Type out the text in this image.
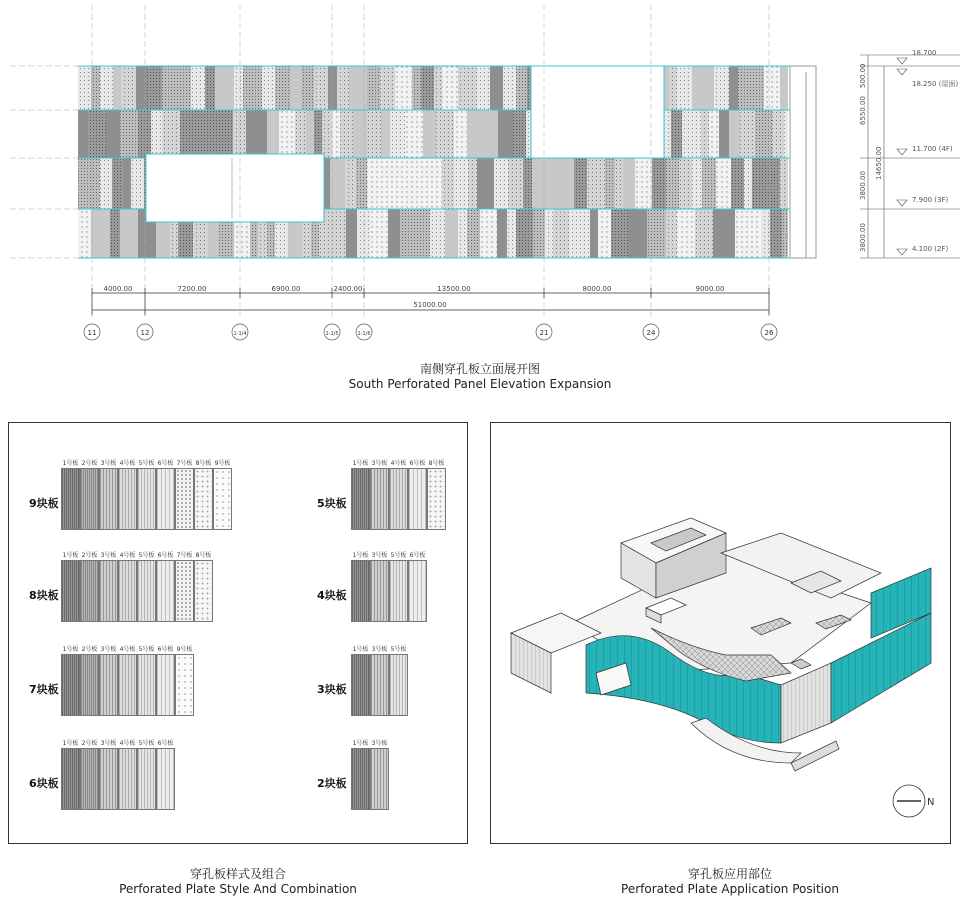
4000.00	7200.00	6900.00	2400.00	13500.00	8000.00	9000.00
51000.00
11	12	1-1/4	1-1/5	1-1/6	21	24	26
18.700
18.250 (屋面)
11.700 (4F)
7.900 (3F)
4.100 (2F)
500.00
6550.00
14650.00
3800.00
3800.00
南侧穿孔板立面展开图
South Perforated Panel Elevation Expansion
9块板
1号板 2号板 3号板 4号板 5号板 6号板 7号板 8号板 9号板
8块板
1号板 2号板 3号板 4号板 5号板 6号板 7号板 8号板
7块板
1号板 2号板 3号板 4号板 5号板 6号板 9号板
6块板
1号板 2号板 3号板 4号板 5号板 6号板
5块板
1号板 3号板 4号板 6号板 8号板
4块板
1号板 3号板 5号板 6号板
3块板
1号板 3号板 5号板
2块板
1号板 3号板
穿孔板样式及组合
Perforated Plate Style And Combination
N
穿孔板应用部位
Perforated Plate Application Position
